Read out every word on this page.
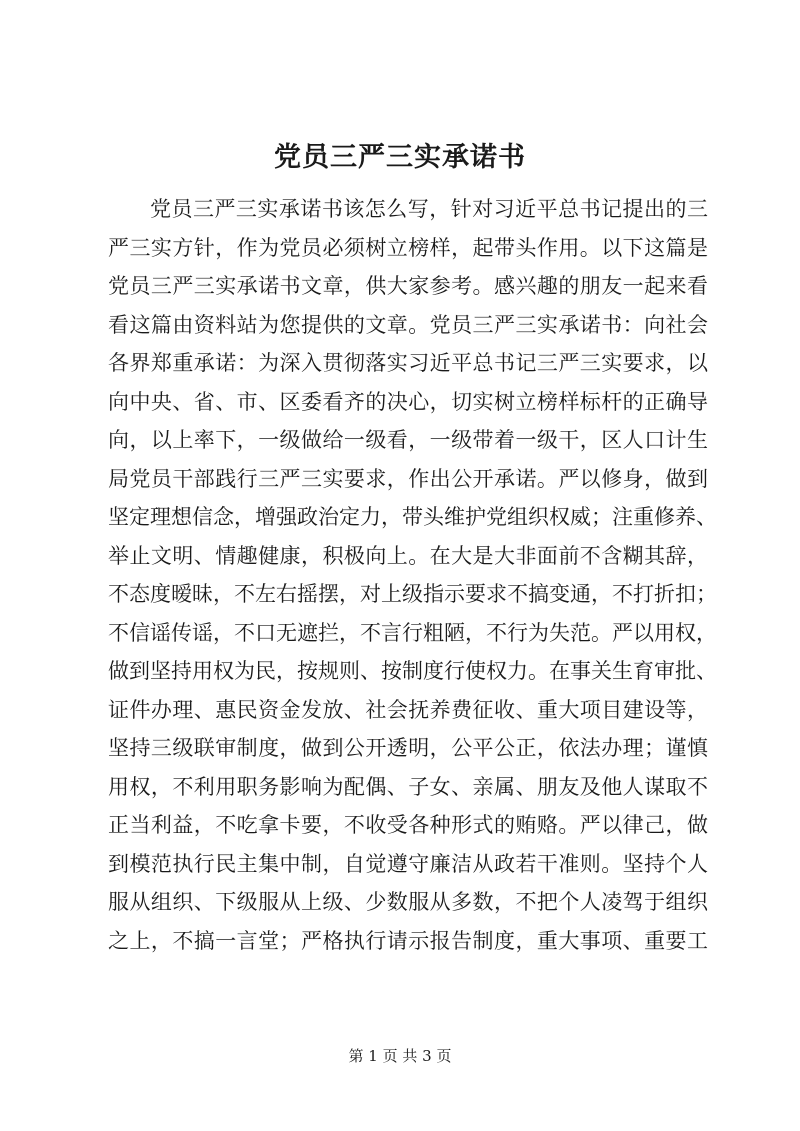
党员三严三实承诺书
党员三严三实承诺书该怎么写，针对习近平总书记提出的三
严三实方针，作为党员必须树立榜样，起带头作用。以下这篇是
党员三严三实承诺书文章，供大家参考。感兴趣的朋友一起来看
看这篇由资料站为您提供的文章。党员三严三实承诺书：向社会
各界郑重承诺：为深入贯彻落实习近平总书记三严三实要求，以
向中央、省、市、区委看齐的决心，切实树立榜样标杆的正确导
向，以上率下，一级做给一级看，一级带着一级干，区人口计生
局党员干部践行三严三实要求，作出公开承诺。严以修身，做到
坚定理想信念，增强政治定力，带头维护党组织权威；注重修养、
举止文明、情趣健康，积极向上。在大是大非面前不含糊其辞，
不态度暧昧，不左右摇摆，对上级指示要求不搞变通，不打折扣；
不信谣传谣，不口无遮拦，不言行粗陋，不行为失范。严以用权，
做到坚持用权为民，按规则、按制度行使权力。在事关生育审批、
证件办理、惠民资金发放、社会抚养费征收、重大项目建设等，
坚持三级联审制度，做到公开透明，公平公正，依法办理；谨慎
用权，不利用职务影响为配偶、子女、亲属、朋友及他人谋取不
正当利益，不吃拿卡要，不收受各种形式的贿赂。严以律己，做
到模范执行民主集中制，自觉遵守廉洁从政若干准则。坚持个人
服从组织、下级服从上级、少数服从多数，不把个人凌驾于组织
之上，不搞一言堂；严格执行请示报告制度，重大事项、重要工
第 1 页 共 3 页
